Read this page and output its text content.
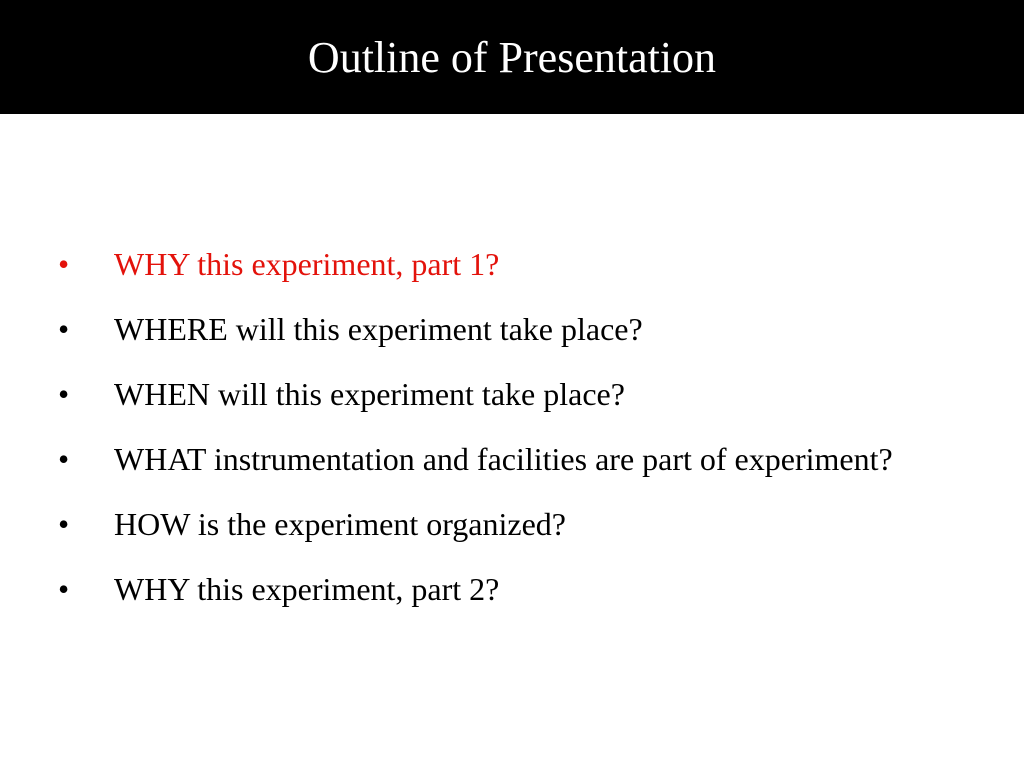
Outline of Presentation
•	WHY this experiment, part 1?
•	WHERE will this experiment take place?
•	WHEN will this experiment take place?
•	WHAT instrumentation and facilities are part of experiment?
•	HOW is the experiment organized?
•	WHY this experiment, part 2?
